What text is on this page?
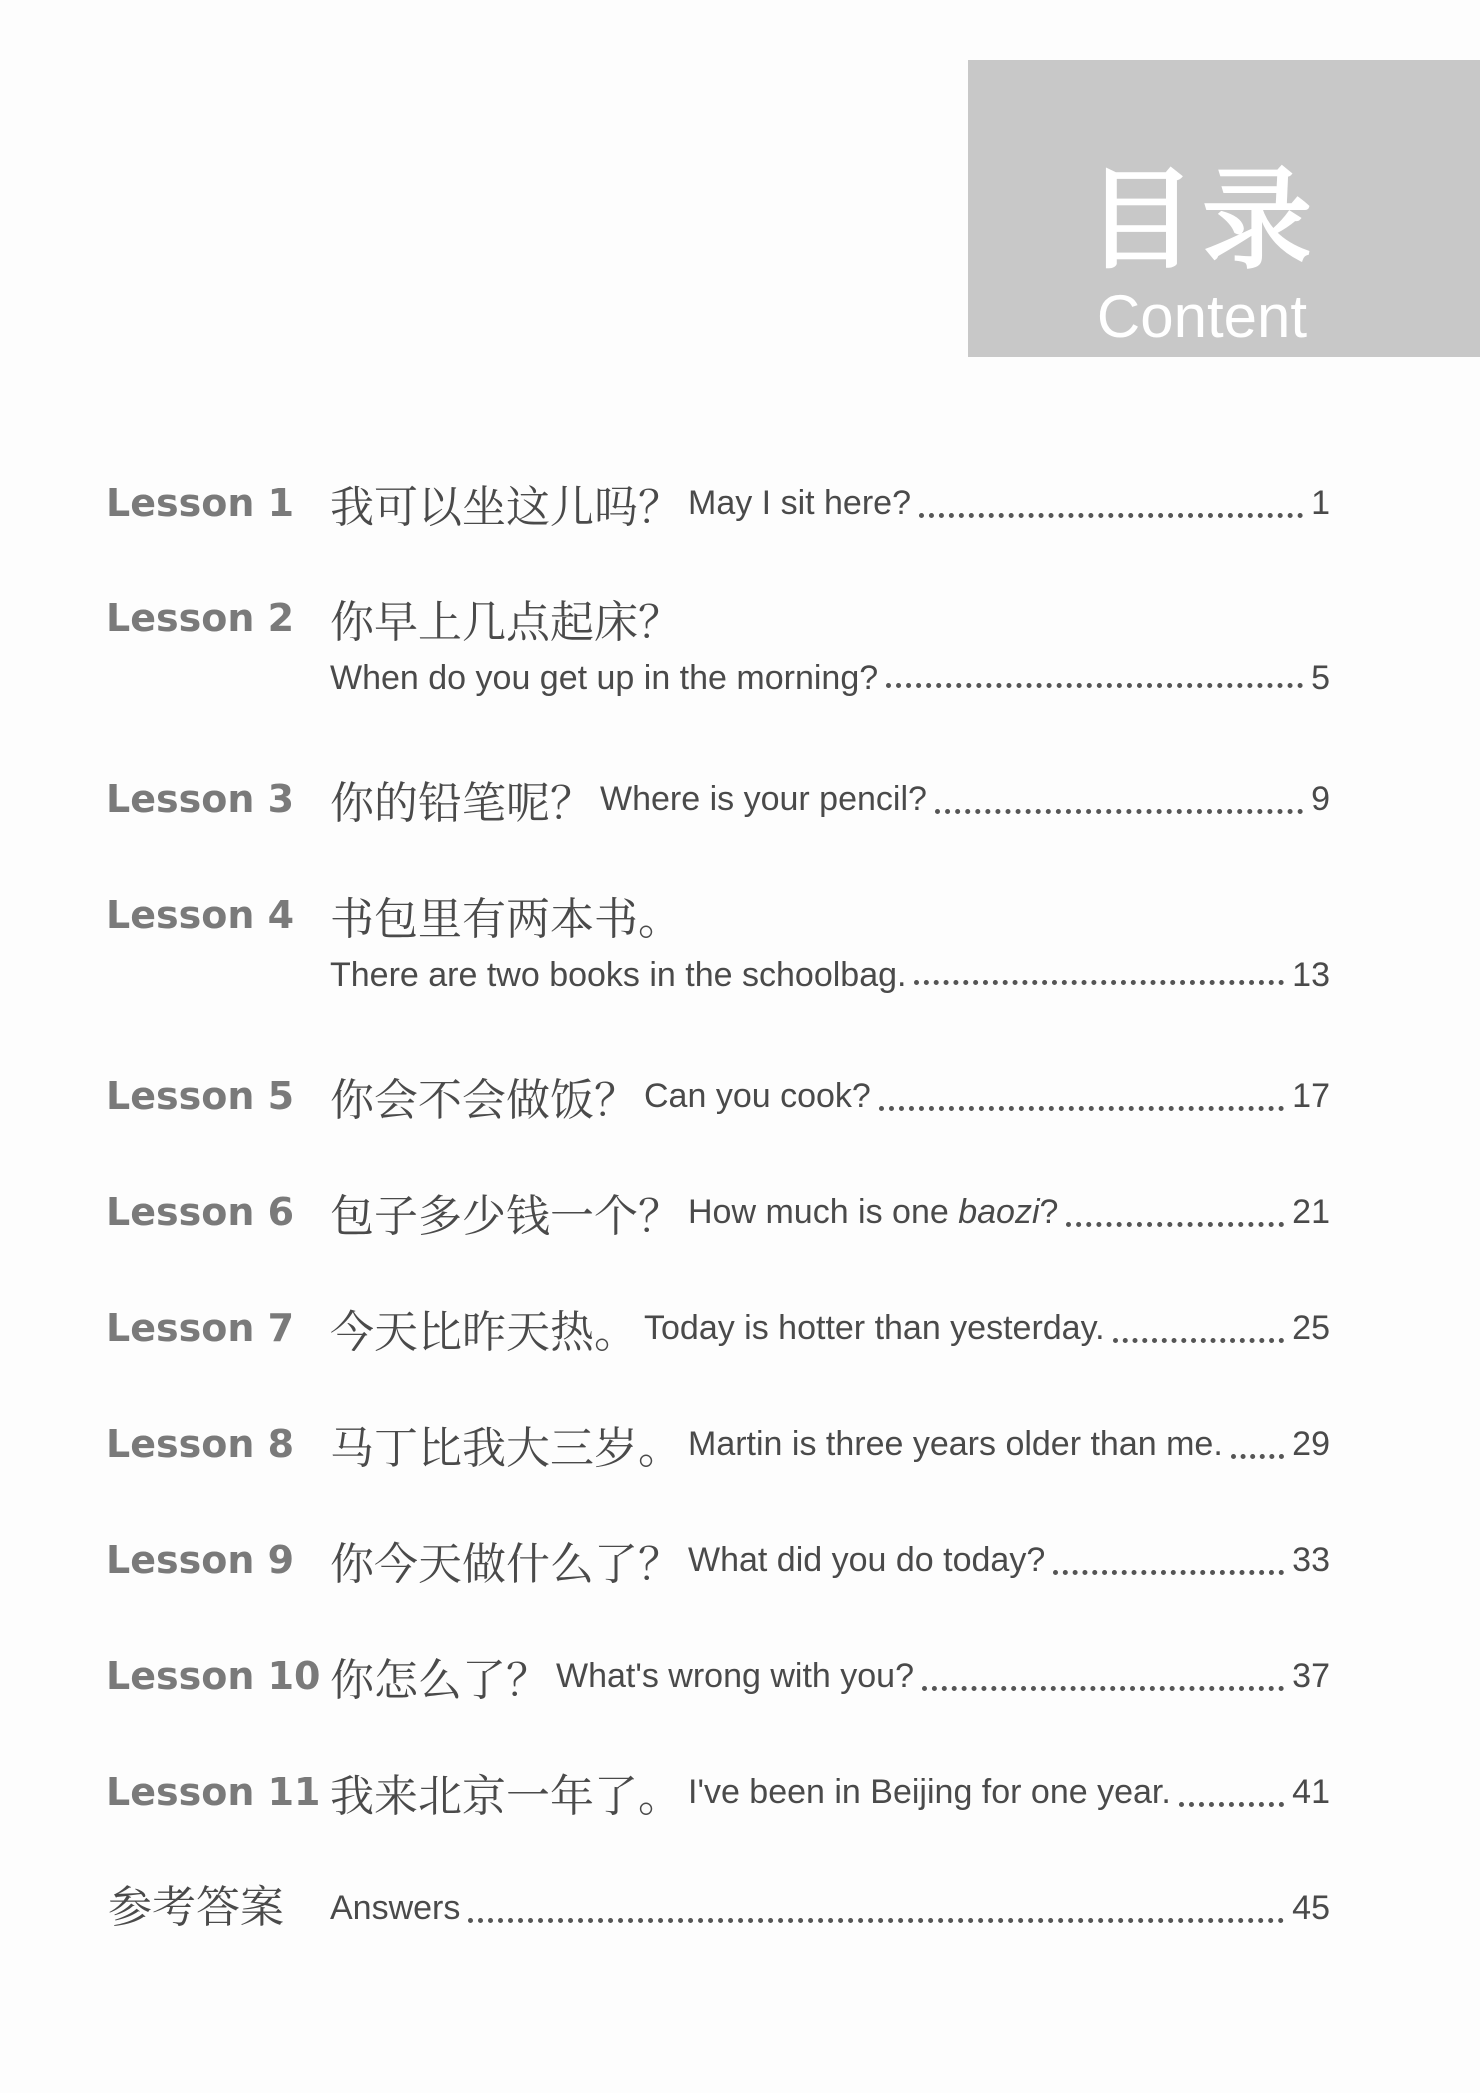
目录
Content
Lesson 1 我可以坐这儿吗？ May I sit here?	1
Lesson 2 你早上几点起床？
When do you get up in the morning?	5
Lesson 3 你的铅笔呢？ Where is your pencil?	9
Lesson 4 书包里有两本书。
There are two books in the schoolbag.	13
Lesson 5 你会不会做饭？ Can you cook?	17
Lesson 6 包子多少钱一个？ How much is one baozi?	21
Lesson 7 今天比昨天热。 Today is hotter than yesterday.	25
Lesson 8 马丁比我大三岁。 Martin is three years older than me. 29
Lesson 9 你今天做什么了？ What did you do today?	33
Lesson 10 你怎么了？ What's wrong with you?	37
Lesson 11 我来北京一年了。 I've been in Beijing for one year.	41
参考答案 Answers	45
